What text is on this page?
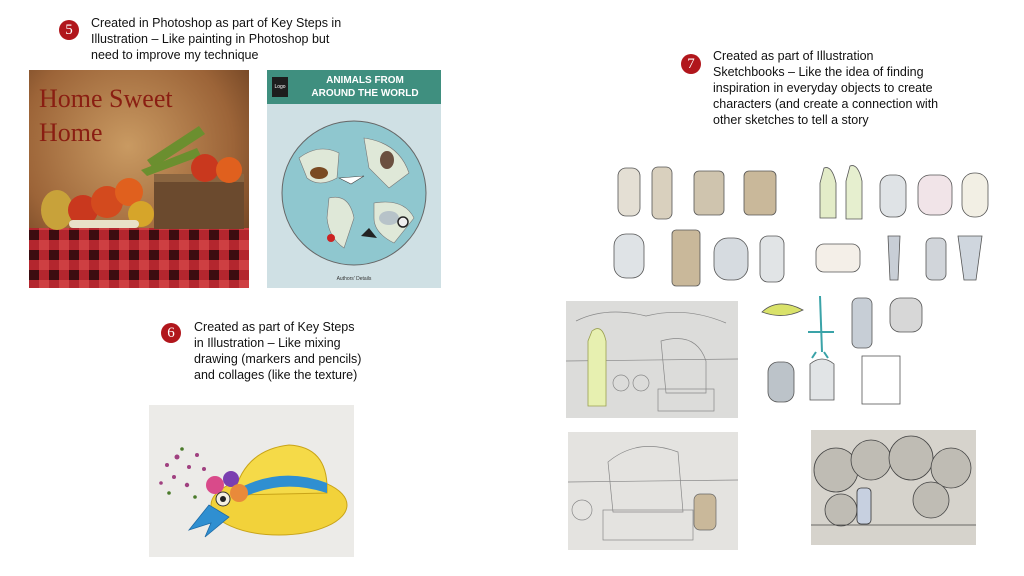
5	Created in Photoshop as part of Key Steps in Illustration – Like painting in Photoshop but need to improve my technique
Home Sweet
Home
Logo
ANIMALS FROM
AROUND THE WORLD
Authors' Details
6	Created as part of Key Steps in Illustration – Like mixing drawing (markers and pencils) and collages (like the texture)
7	Created as part of Illustration Sketchbooks – Like the idea of finding inspiration in everyday objects to create characters (and create a connection with other sketches to tell a story
